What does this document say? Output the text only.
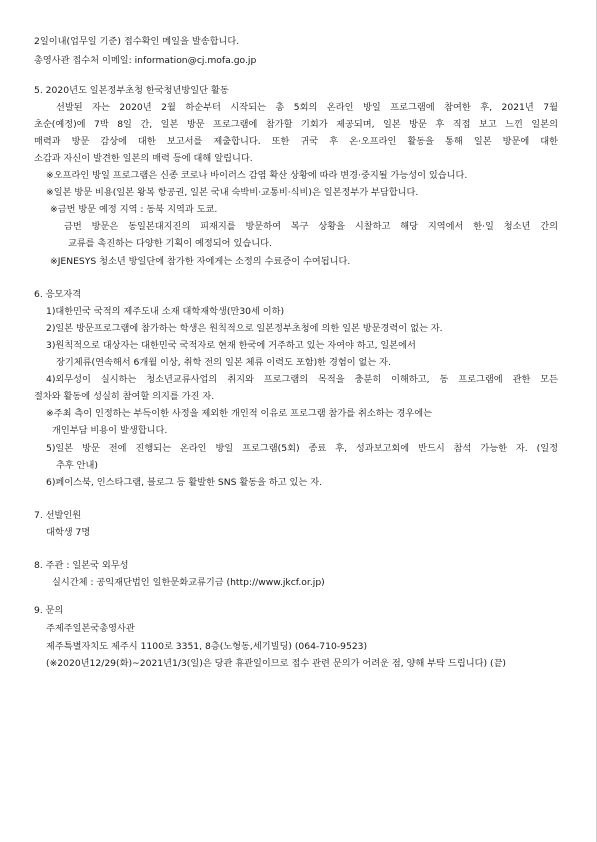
2일이내(업무일 기준) 접수확인 메일을 발송합니다.
총영사관 접수처 이메일: information@cj.mofa.go.jp
5. 2020년도 일본정부초청 한국청년방일단 활동
선발된 자는 2020년 2월 하순부터 시작되는 총 5회의 온라인 방일 프로그램에 참여한 후, 2021년 7월
초순(예정)에 7박 8일 간, 일본 방문 프로그램에 참가할 기회가 제공되며, 일본 방문 후 직접 보고 느낀 일본의
매력과 방문 감상에 대한 보고서를 제출합니다. 또한 귀국 후 온·오프라인 활동을 통해 일본 방문에 대한
소감과 자신이 발견한 일본의 매력 등에 대해 알립니다.
※오프라인 방일 프로그램은 신종 코로나 바이러스 감염 확산 상황에 따라 변경·중지될 가능성이 있습니다.
※일본 방문 비용(일본 왕복 항공권, 일본 국내 숙박비·교통비·식비)은 일본정부가 부담합니다.
※금번 방문 예정 지역 : 동북 지역과 도쿄.
금번 방문은 동일본대지진의 피재지를 방문하여 복구 상황을 시찰하고 해당 지역에서 한·일 청소년 간의
교류를 촉진하는 다양한 기획이 예정되어 있습니다.
※JENESYS 청소년 방일단에 참가한 자에게는 소정의 수료증이 수여됩니다.
6. 응모자격
1)대한민국 국적의 제주도내 소재 대학재학생(만30세 이하)
2)일본 방문프로그램에 참가하는 학생은 원칙적으로 일본정부초청에 의한 일본 방문경력이 없는 자.
3)원칙적으로 대상자는 대한민국 국적자로 현재 한국에 거주하고 있는 자여야 하고, 일본에서
장기체류(연속해서 6개월 이상, 취학 전의 일본 체류 이력도 포함)한 경험이 없는 자.
4)외무성이 실시하는 청소년교류사업의 취지와 프로그램의 목적을 충분히 이해하고, 동 프로그램에 관한 모든
절차와 활동에 성실히 참여할 의지를 가진 자.
※주최 측이 인정하는 부득이한 사정을 제외한 개인적 이유로 프로그램 참가를 취소하는 경우에는
개인부담 비용이 발생합니다.
5)일본 방문 전에 진행되는 온라인 방일 프로그램(5회) 종료 후, 성과보고회에 반드시 참석 가능한 자. (일정
추후 안내)
6)페이스북, 인스타그램, 블로그 등 활발한 SNS 활동을 하고 있는 자.
7. 선발인원
대학생 7명
8. 주관 : 일본국 외무성
실시간체 : 공익재단법인 일한문화교류기금 (http://www.jkcf.or.jp)
9. 문의
주제주일본국총영사관
제주특별자치도 제주시 1100로 3351, 8층(노형동,세기빌딩) (064-710-9523)
(※2020년12/29(화)~2021년1/3(일)은 당관 휴관일이므로 접수 관련 문의가 어려운 점, 양해 부탁 드립니다) (끝)
